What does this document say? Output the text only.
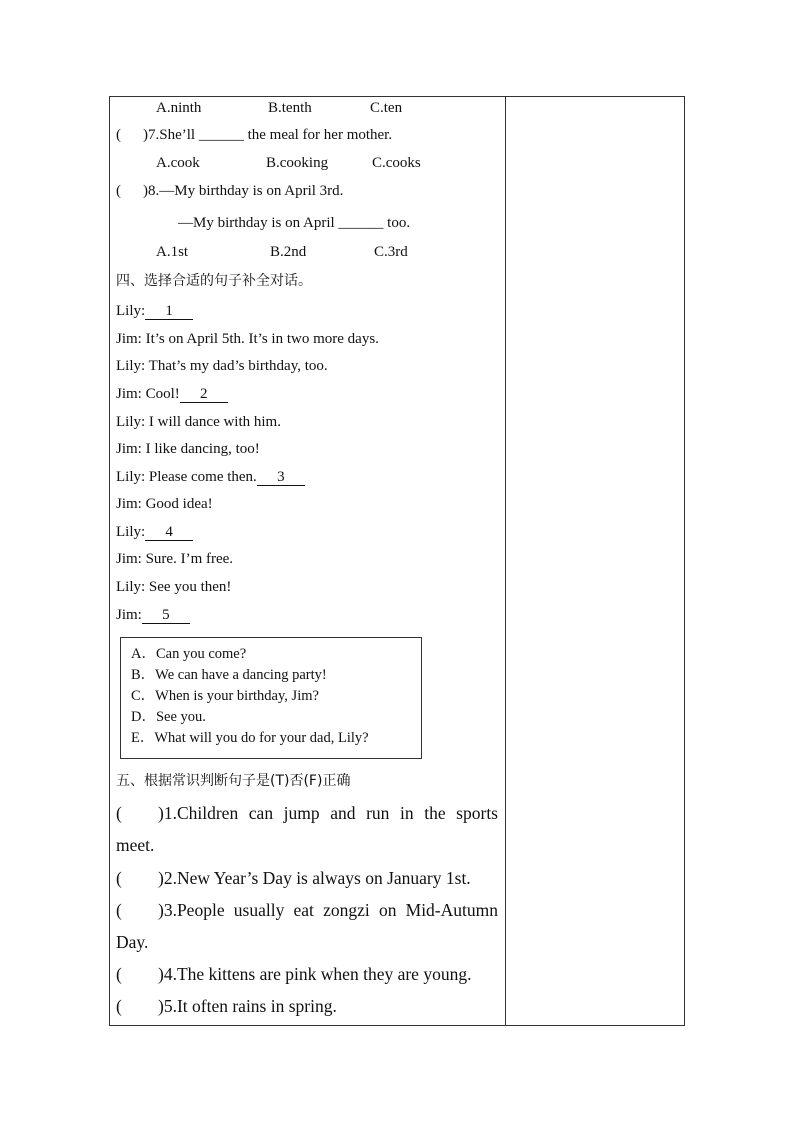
A.ninth	B.tenth	C.ten
( )7.She’ll ______ the meal for her mother.
A.cook	B.cooking	C.cooks
( )8.—My birthday is on April 3rd.
—My birthday is on April ______ too.
A.1st	B.2nd	C.3rd
四、选择合适的句子补全对话。
Lily: 1
Jim: It’s on April 5th. It’s in two more days.
Lily: That’s my dad’s birthday, too.
Jim: Cool! 2
Lily: I will dance with him.
Jim: I like dancing, too!
Lily: Please come then. 3
Jim: Good idea!
Lily: 4
Jim: Sure. I’m free.
Lily: See you then!
Jim: 5
A．Can you come?
B．We can have a dancing party!
C．When is your birthday, Jim?
D．See you.
E．What will you do for your dad, Lily?
五、根据常识判断句子是(T)否(F)正确
( )1.Children can jump and run in the sports
meet.
( )2.New Year’s Day is always on January 1st.
( )3.People usually eat zongzi on Mid-Autumn
Day.
( )4.The kittens are pink when they are young.
( )5.It often rains in spring.
